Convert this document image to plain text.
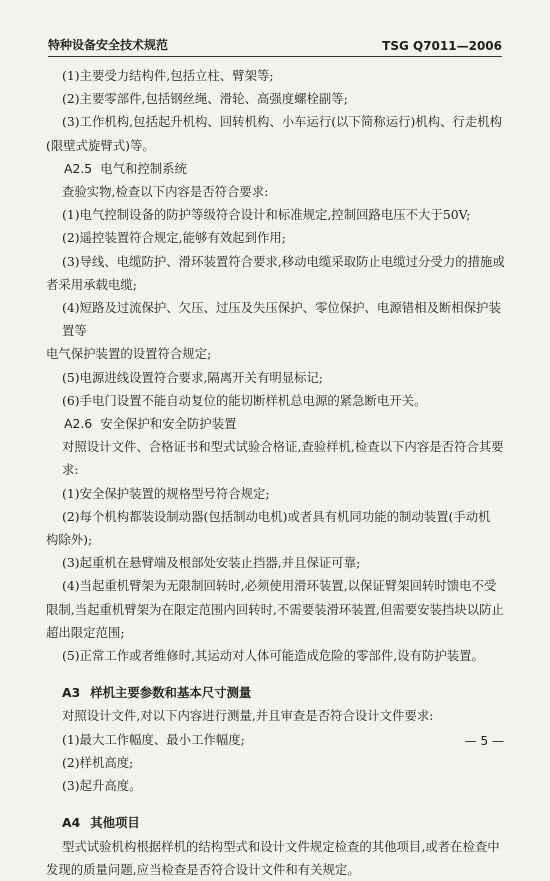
特种设备安全技术规范	TSG Q7011—2006

(1)主要受力结构件,包括立柱、臂架等;

(2)主要零部件,包括钢丝绳、滑轮、高强度螺栓副等;

(3)工作机构,包括起升机构、回转机构、小车运行(以下简称运行)机构、行走机构

(限壁式旋臂式)等。

A2.5 电气和控制系统

查验实物,检查以下内容是否符合要求:

(1)电气控制设备的防护等级符合设计和标准规定,控制回路电压不大于50V;

(2)遥控装置符合规定,能够有效起到作用;

(3)导线、电缆防护、滑环装置符合要求,移动电缆采取防止电缆过分受力的措施或

者采用承载电缆;

(4)短路及过流保护、欠压、过压及失压保护、零位保护、电源错相及断相保护装置等

电气保护装置的设置符合规定;

(5)电源进线设置符合要求,隔离开关有明显标记;

(6)手电门设置不能自动复位的能切断样机总电源的紧急断电开关。

A2.6 安全保护和安全防护装置

对照设计文件、合格证书和型式试验合格证,查验样机,检查以下内容是否符合其要求:

(1)安全保护装置的规格型号符合规定;

(2)每个机构都装设制动器(包括制动电机)或者具有机同功能的制动装置(手动机

构除外);

(3)起重机在悬臂端及根部处安装止挡器,并且保证可靠;

(4)当起重机臂架为无限制回转时,必须使用滑环装置,以保证臂架回转时馈电不受

限制,当起重机臂架为在限定范围内回转时,不需要装滑环装置,但需要安装挡块以防止

超出限定范围;

(5)正常工作或者维修时,其运动对人体可能造成危险的零部件,设有防护装置。

A3 样机主要参数和基本尺寸测量

对照设计文件,对以下内容进行测量,并且审查是否符合设计文件要求:

(1)最大工作幅度、最小工作幅度;

(2)样机高度;

(3)起升高度。

A4 其他项目

型式试验机构根据样机的结构型式和设计文件规定检查的其他项目,或者在检查中

发现的质量问题,应当检查是否符合设计文件和有关规定。

— 5 —
